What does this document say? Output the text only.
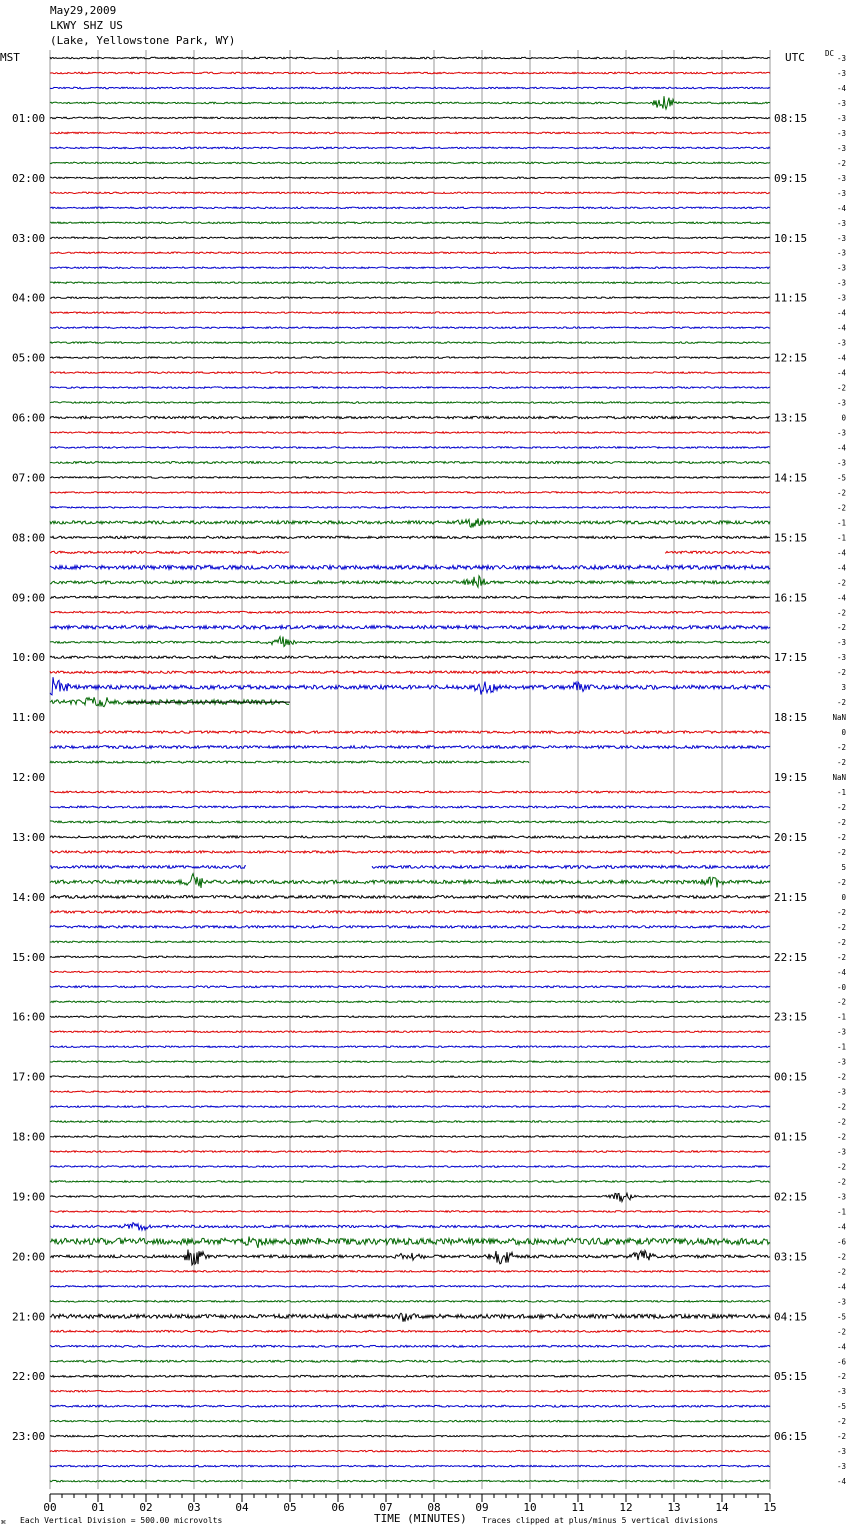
May29,2009
LKWY SHZ US
(Lake, Yellowstone Park, WY)
MST	UTC	DC
01:00
02:00
03:00
04:00
05:00
06:00
07:00
08:00
09:00
10:00
11:00
12:00
13:00
14:00
15:00
16:00
17:00
18:00
19:00
20:00
21:00
22:00
23:00
08:15
09:15
10:15
11:15
12:15
13:15
14:15
15:15
16:15
17:15
18:15
19:15
20:15
21:15
22:15
23:15
00:15
01:15
02:15
03:15
04:15
05:15
06:15
-3
-3
-4
-3
-3
-3
-3
-2
-3
-3
-4
-3
-3
-3
-3
-3
-3
-4
-4
-3
-4
-4
-2
-3
0
-3
-4
-3
-5
-2
-2
-1
-1
-4
-4
-2
-4
-2
-2
-3
-3
-2
3
-2
NaN
0
-2
-2
NaN
-1
-2
-2
-2
-2
5
-2
0
-2
-2
-2
-2
-4
-0
-2
-1
-3
-1
-3
-2
-3
-2
-2
-2
-3
-2
-2
-3
-1
-4
-6
-2
-2
-4
-3
-5
-2
-4
-6
-2
-3
-5
-2
-2
-3
-3
-4
00	01	02	03	04	05	06	07	08	09	10	11	12	13	14	15
⌘ Each Vertical Division = 500.00 microvolts	TIME (MINUTES) Traces clipped at plus/minus 5 vertical divisions
